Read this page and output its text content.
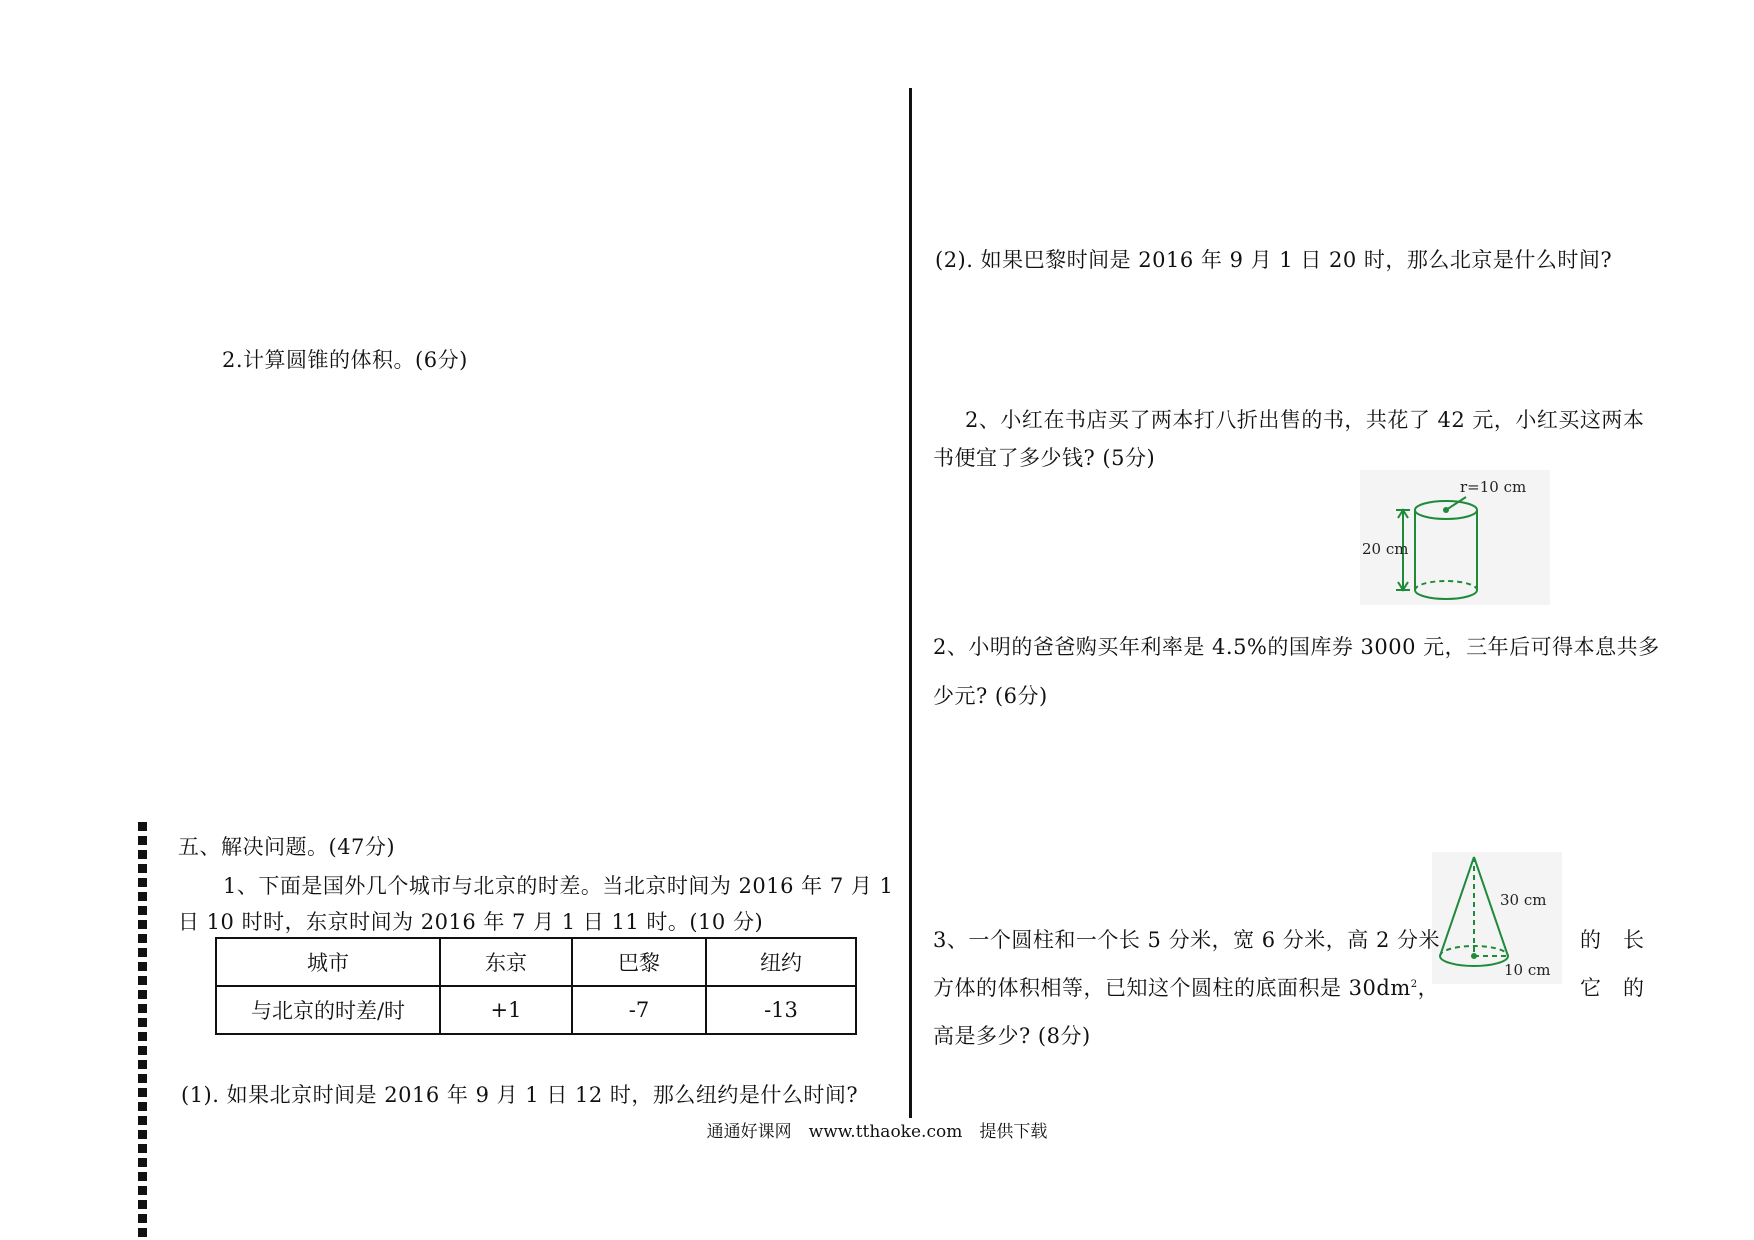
2.计算圆锥的体积。(6分)
五、解决问题。(47分)
1、下面是国外几个城市与北京的时差。当北京时间为 2016 年 7 月 1
日 10 时时，东京时间为 2016 年 7 月 1 日 11 时。(10 分)
城市	东京	巴黎	纽约
与北京的时差/时	+1	-7	-13
(1). 如果北京时间是 2016 年 9 月 1 日 12 时，那么纽约是什么时间?
(2). 如果巴黎时间是 2016 年 9 月 1 日 20 时，那么北京是什么时间?
2、小红在书店买了两本打八折出售的书，共花了 42 元，小红买这两本
书便宜了多少钱? (5分)
r=10 cm
20 cm
2、小明的爸爸购买年利率是 4.5%的国库券 3000 元，三年后可得本息共多
少元? (6分)
30 cm
10 cm
3、一个圆柱和一个长 5 分米，宽 6 分米，高 2 分米	的　长
方体的体积相等，已知这个圆柱的底面积是 $30dm^2$，	它　的
高是多少? (8分)
通通好课网　www.tthaoke.com　提供下载
